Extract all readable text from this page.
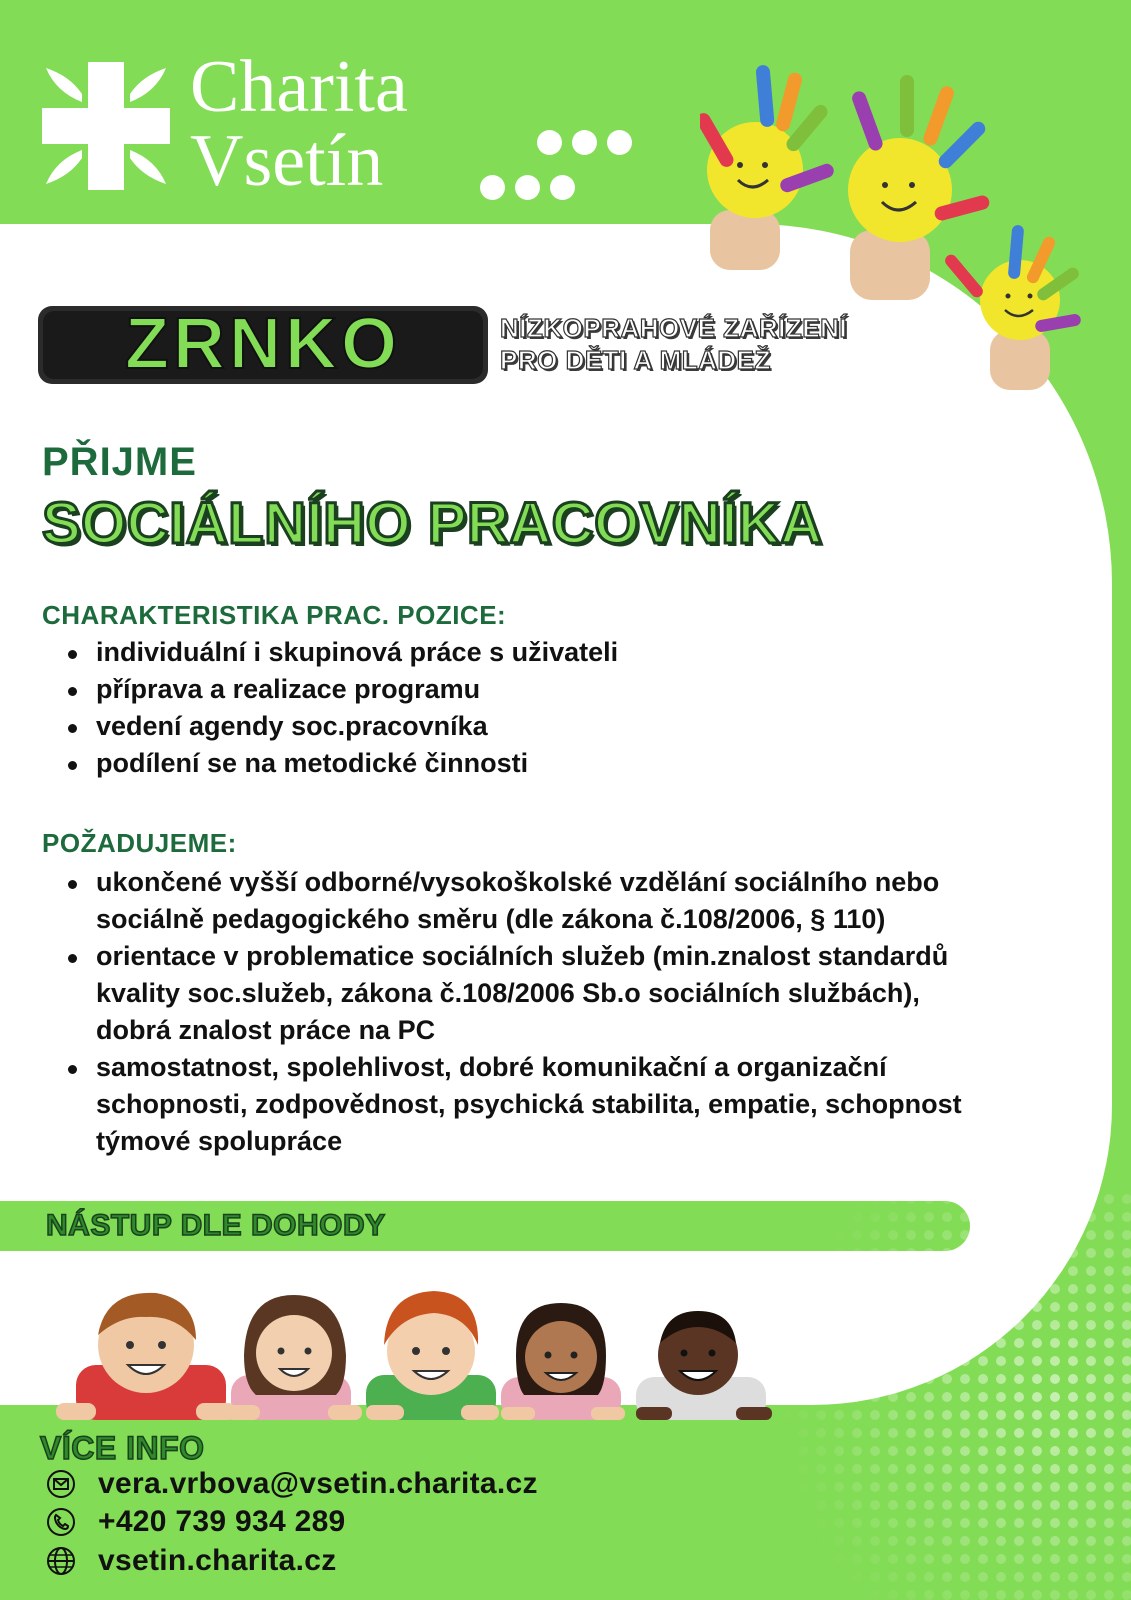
Charita
Vsetín
ZRNKO	NÍZKOPRAHOVÉ ZAŘÍZENÍ
PRO DĚTI A MLÁDEŽ
PŘIJME
SOCIÁLNÍHO PRACOVNÍKA
CHARAKTERISTIKA PRAC. POZICE:
individuální i skupinová práce s uživateli
příprava a realizace programu
vedení agendy soc.pracovníka
podílení se na metodické činnosti
POŽADUJEME:
ukončené vyšší odborné/vysokoškolské vzdělání sociálního nebo
sociálně pedagogického směru (dle zákona č.108/2006, § 110)
orientace v problematice sociálních služeb (min.znalost standardů
kvality soc.služeb, zákona č.108/2006 Sb.o sociálních službách),
dobrá znalost práce na PC
samostatnost, spolehlivost, dobré komunikační a organizační
schopnosti, zodpovědnost, psychická stabilita, empatie, schopnost
týmové spolupráce
NÁSTUP DLE DOHODY
VÍCE INFO
vera.vrbova@vsetin.charita.cz
+420 739 934 289
vsetin.charita.cz
